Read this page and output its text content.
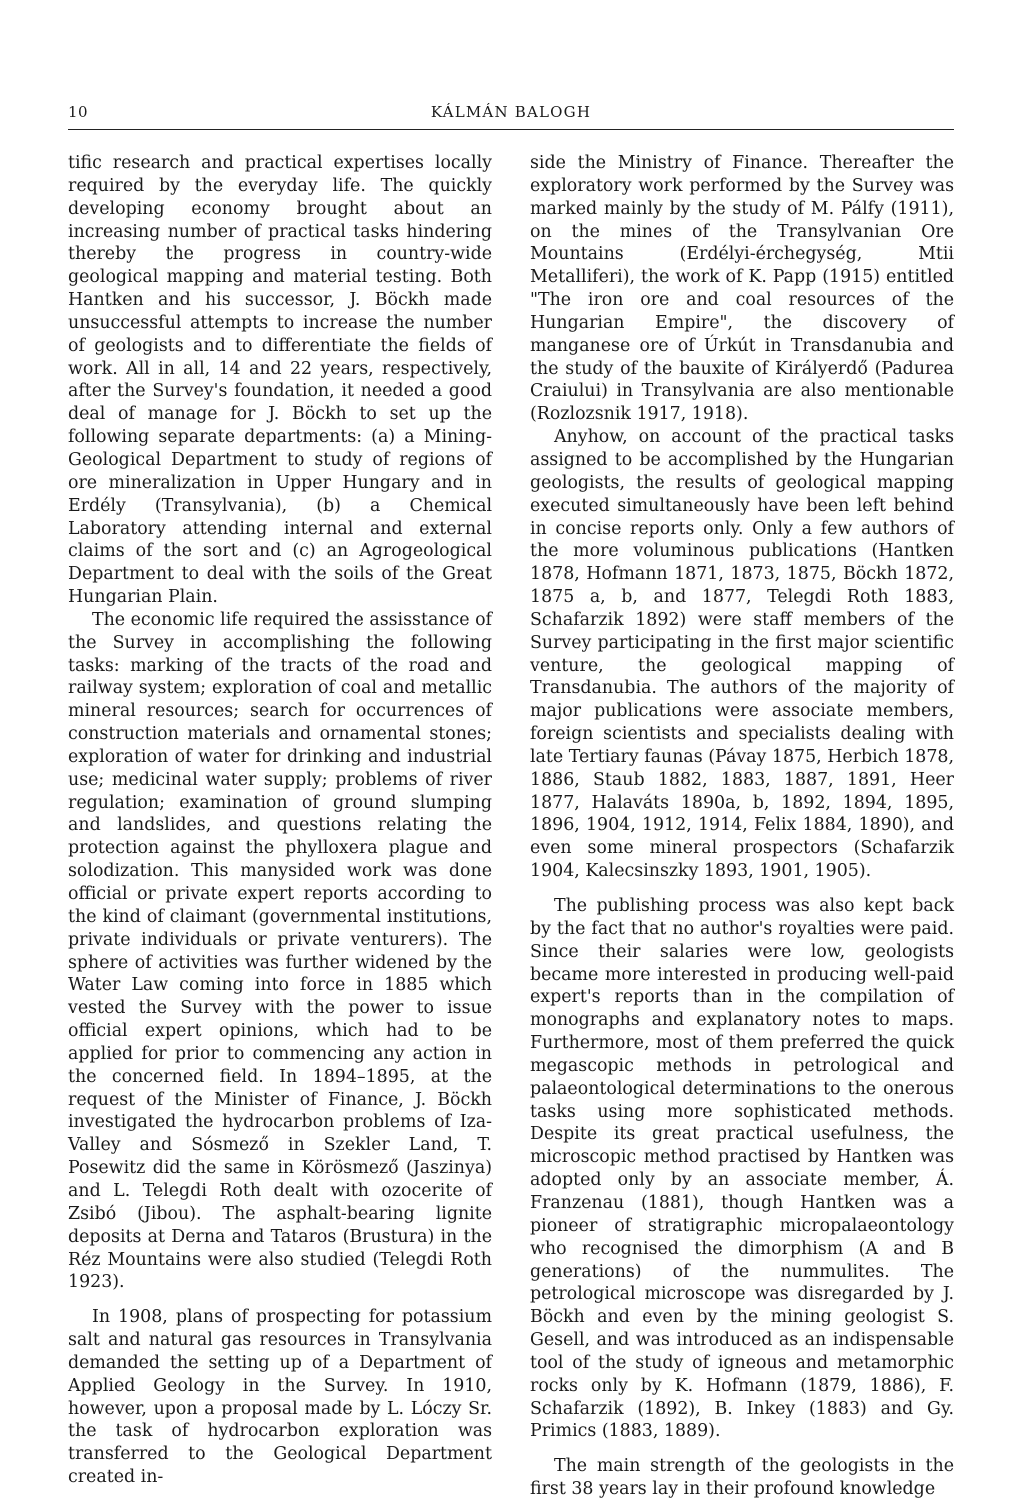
10	KÁLMÁN BALOGH

tific research and practical expertises locally required by the everyday life. The quickly developing economy brought about an increasing number of practical tasks hindering thereby the progress in country-wide geological mapping and material testing. Both Hantken and his successor, J. Böckh made unsuccessful attempts to increase the number of geologists and to differentiate the fields of work. All in all, 14 and 22 years, respectively, after the Survey's foundation, it needed a good deal of manage for J. Böckh to set up the following separate departments: (a) a Mining-Geological Department to study of regions of ore mineralization in Upper Hungary and in Erdély (Transylvania), (b) a Chemical Laboratory attending internal and external claims of the sort and (c) an Agrogeological Department to deal with the soils of the Great Hungarian Plain.

The economic life required the assisstance of the Survey in accomplishing the following tasks: marking of the tracts of the road and railway system; exploration of coal and metallic mineral resources; search for occurrences of construction materials and ornamental stones; exploration of water for drinking and industrial use; medicinal water supply; problems of river regulation; examination of ground slumping and landslides, and questions relating the protection against the phylloxera plague and solodization. This manysided work was done official or private expert reports according to the kind of claimant (governmental institutions, private individuals or private venturers). The sphere of activities was further widened by the Water Law coming into force in 1885 which vested the Survey with the power to issue official expert opinions, which had to be applied for prior to commencing any action in the concerned field. In 1894–1895, at the request of the Minister of Finance, J. Böckh investigated the hydrocarbon problems of Iza-Valley and Sósmező in Szekler Land, T. Posewitz did the same in Körösmező (Jaszinya) and L. Telegdi Roth dealt with ozocerite of Zsibó (Jibou). The asphalt-bearing lignite deposits at Derna and Tataros (Brustura) in the Réz Mountains were also studied (Telegdi Roth 1923).

In 1908, plans of prospecting for potassium salt and natural gas resources in Transylvania demanded the setting up of a Department of Applied Geology in the Survey. In 1910, however, upon a proposal made by L. Lóczy Sr. the task of hydrocarbon exploration was transferred to the Geological Department created in-

side the Ministry of Finance. Thereafter the exploratory work performed by the Survey was marked mainly by the study of M. Pálfy (1911), on the mines of the Transylvanian Ore Mountains (Erdélyi-érchegység, Mtii Metalliferi), the work of K. Papp (1915) entitled "The iron ore and coal resources of the Hungarian Empire", the discovery of manganese ore of Úrkút in Transdanubia and the study of the bauxite of Királyerdő (Padurea Craiului) in Transylvania are also mentionable (Rozlozsnik 1917, 1918).

Anyhow, on account of the practical tasks assigned to be accomplished by the Hungarian geologists, the results of geological mapping executed simultaneously have been left behind in concise reports only. Only a few authors of the more voluminous publications (Hantken 1878, Hofmann 1871, 1873, 1875, Böckh 1872, 1875 a, b, and 1877, Telegdi Roth 1883, Schafarzik 1892) were staff members of the Survey participating in the first major scientific venture, the geological mapping of Transdanubia. The authors of the majority of major publications were associate members, foreign scientists and specialists dealing with late Tertiary faunas (Pávay 1875, Herbich 1878, 1886, Staub 1882, 1883, 1887, 1891, Heer 1877, Halaváts 1890a, b, 1892, 1894, 1895, 1896, 1904, 1912, 1914, Felix 1884, 1890), and even some mineral prospectors (Schafarzik 1904, Kalecsinszky 1893, 1901, 1905).

The publishing process was also kept back by the fact that no author's royalties were paid. Since their salaries were low, geologists became more interested in producing well-paid expert's reports than in the compilation of monographs and explanatory notes to maps. Furthermore, most of them preferred the quick megascopic methods in petrological and palaeontological determinations to the onerous tasks using more sophisticated methods. Despite its great practical usefulness, the microscopic method practised by Hantken was adopted only by an associate member, Á. Franzenau (1881), though Hantken was a pioneer of stratigraphic micropalaeontology who recognised the dimorphism (A and B generations) of the nummulites. The petrological microscope was disregarded by J. Böckh and even by the mining geologist S. Gesell, and was introduced as an indispensable tool of the study of igneous and metamorphic rocks only by K. Hofmann (1879, 1886), F. Schafarzik (1892), B. Inkey (1883) and Gy. Primics (1883, 1889).

The main strength of the geologists in the first 38 years lay in their profound knowledge
